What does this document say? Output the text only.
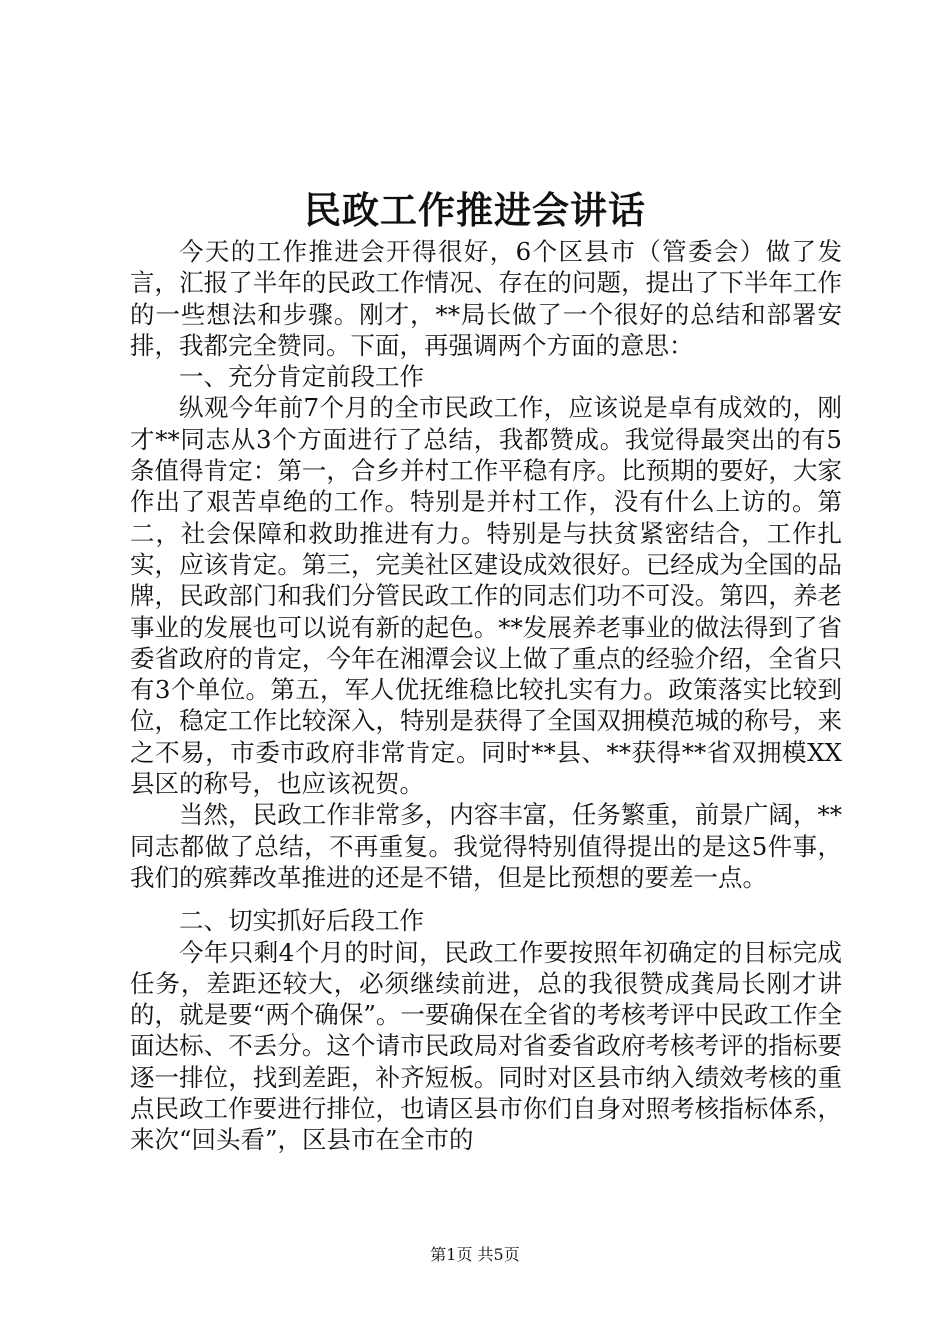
民政工作推进会讲话

今天的工作推进会开得很好，6个区县市（管委会）做了发言，汇报了半年的民政工作情况、存在的问题，提出了下半年工作的一些想法和步骤。刚才，**局长做了一个很好的总结和部署安排，我都完全赞同。下面，再强调两个方面的意思：

一、充分肯定前段工作

纵观今年前7个月的全市民政工作，应该说是卓有成效的，刚才**同志从3个方面进行了总结，我都赞成。我觉得最突出的有5条值得肯定：第一，合乡并村工作平稳有序。比预期的要好，大家作出了艰苦卓绝的工作。特别是并村工作，没有什么上访的。第二，社会保障和救助推进有力。特别是与扶贫紧密结合，工作扎实，应该肯定。第三，完美社区建设成效很好。已经成为全国的品牌，民政部门和我们分管民政工作的同志们功不可没。第四，养老事业的发展也可以说有新的起色。**发展养老事业的做法得到了省委省政府的肯定，今年在湘潭会议上做了重点的经验介绍，全省只有3个单位。第五，军人优抚维稳比较扎实有力。政策落实比较到位，稳定工作比较深入，特别是获得了全国双拥模范城的称号，来之不易，市委市政府非常肯定。同时**县、**获得**省双拥模XX县区的称号，也应该祝贺。

当然，民政工作非常多，内容丰富，任务繁重，前景广阔，**同志都做了总结，不再重复。我觉得特别值得提出的是这5件事，我们的殡葬改革推进的还是不错，但是比预想的要差一点。

二、切实抓好后段工作

今年只剩4个月的时间，民政工作要按照年初确定的目标完成任务，差距还较大，必须继续前进，总的我很赞成龚局长刚才讲的，就是要“两个确保”。一要确保在全省的考核考评中民政工作全面达标、不丢分。这个请市民政局对省委省政府考核考评的指标要逐一排位，找到差距，补齐短板。同时对区县市纳入绩效考核的重点民政工作要进行排位，也请区县市你们自身对照考核指标体系，来次“回头看”，区县市在全市的

第1页 共5页
